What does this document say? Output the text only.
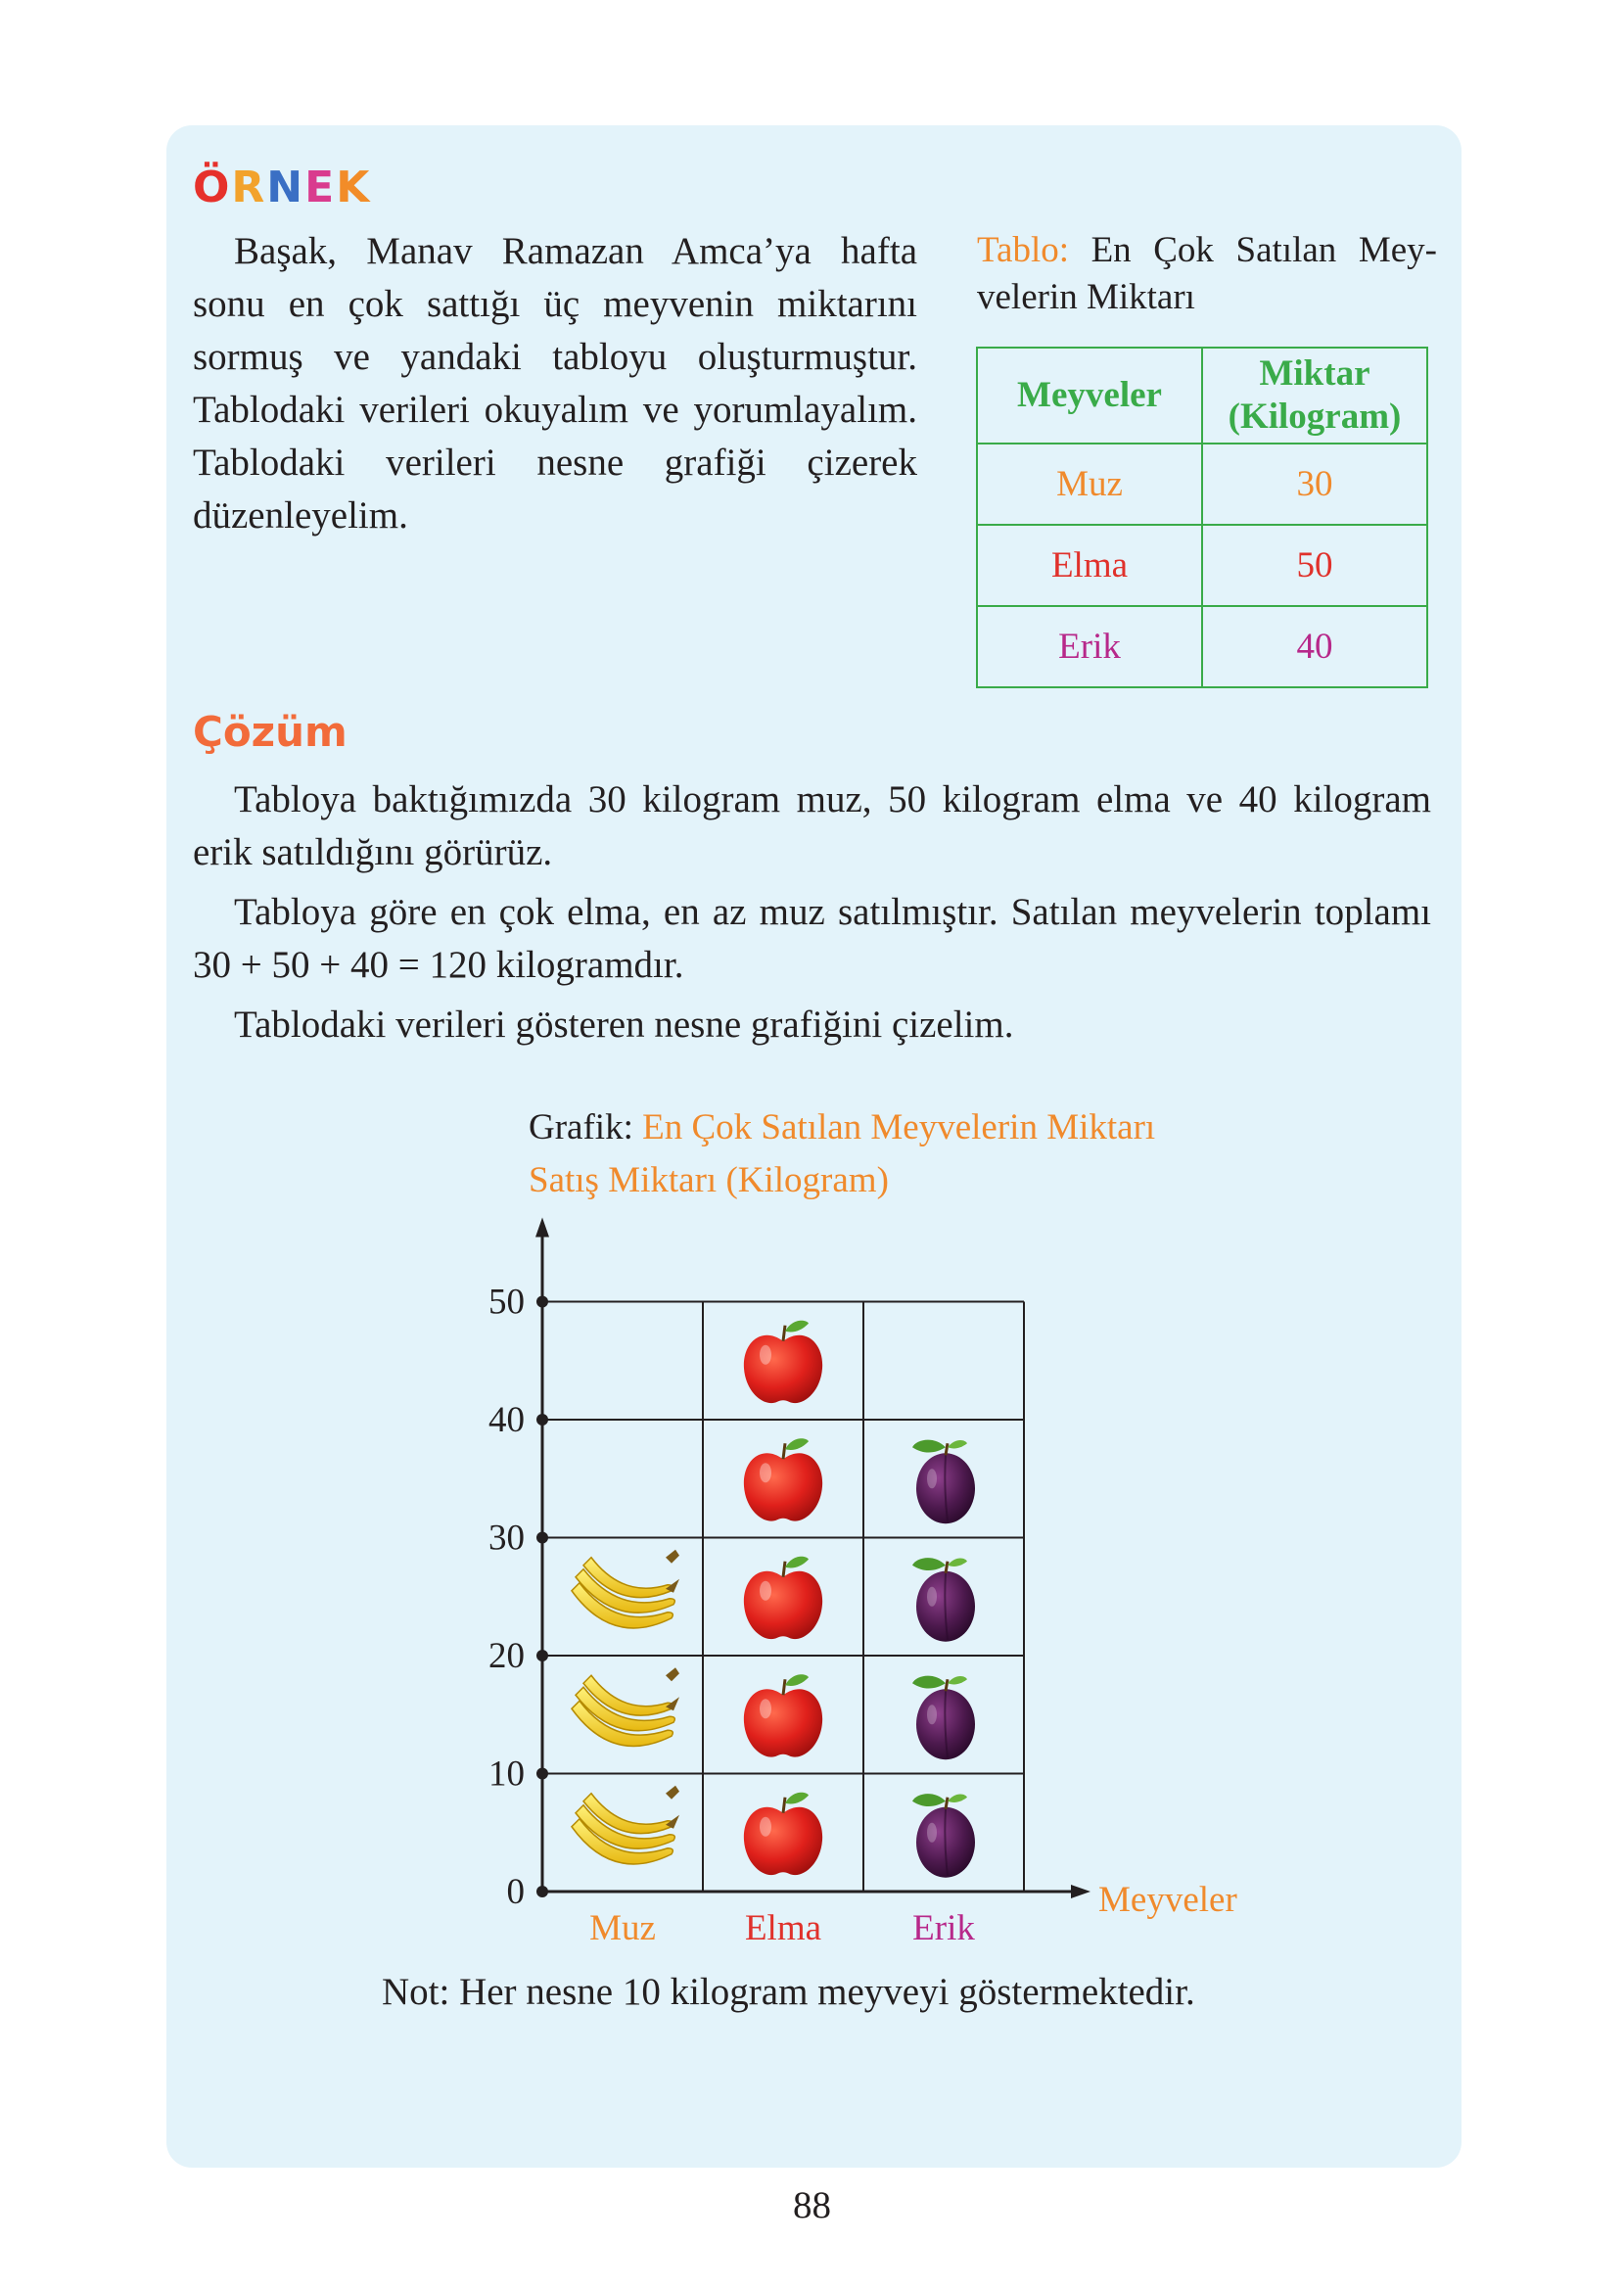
ÖRNEK

Başak, Manav Ramazan Amca’ya hafta sonu en çok sattığı üç meyvenin miktarını sormuş ve yandaki tabloyu oluşturmuştur. Tablodaki verileri okuyalım ve yorumlayalım. Tablodaki verileri nesne grafiği çizerek düzenleyelim.

Tablo: En Çok Satılan Meyvelerin Miktarı

Meyveler	Miktar
(Kilogram)
Muz	30
Elma	50
Erik	40
Çözüm

Tabloya baktığımızda 30 kilogram muz, 50 kilogram elma ve 40 kilogram erik satıldığını görürüz.

Tabloya göre en çok elma, en az muz satılmıştır. Satılan meyvelerin toplamı 30 + 50 + 40 = 120 kilogramdır.

Tablodaki verileri gösteren nesne grafiğini çizelim.

Grafik: En Çok Satılan Meyvelerin Miktarı
Satış Miktarı (Kilogram)
0
10
20
30
40
50
Muz Elma	Erik
Meyveler

Not: Her nesne 10 kilogram meyveyi göstermektedir.

88
